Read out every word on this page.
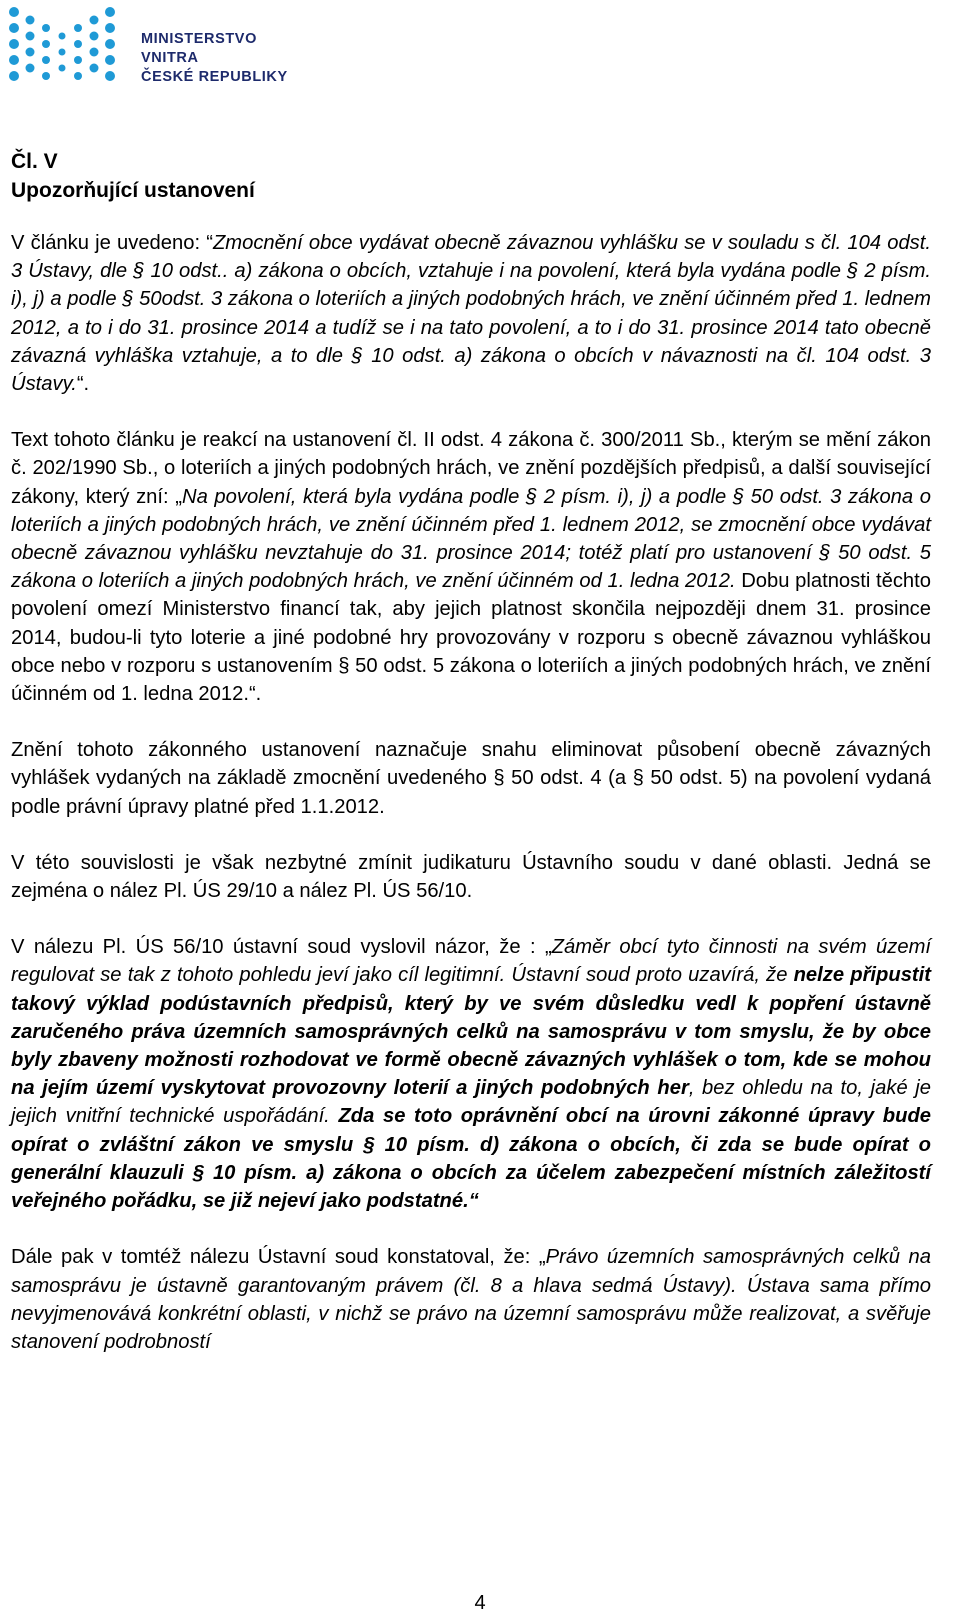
MINISTERSTVO VNITRA
ČESKÉ REPUBLIKY
Čl. V
Upozorňující ustanovení

V článku je uvedeno: “Zmocnění obce vydávat obecně závaznou vyhlášku se v souladu s čl. 104 odst. 3 Ústavy, dle § 10 odst.. a) zákona o obcích, vztahuje i na povolení, která byla vydána podle § 2 písm. i), j) a podle § 50odst. 3 zákona o loteriích a jiných podobných hrách, ve znění účinném před 1. lednem 2012, a to i do 31. prosince 2014 a tudíž se i na tato povolení, a to i do 31. prosince 2014 tato obecně závazná vyhláška vztahuje, a to dle § 10 odst. a) zákona o obcích v návaznosti na čl. 104 odst. 3 Ústavy.“.

Text tohoto článku je reakcí na ustanovení čl. II odst. 4 zákona č. 300/2011 Sb., kterým se mění zákon č. 202/1990 Sb., o loteriích a jiných podobných hrách, ve znění pozdějších předpisů, a další související zákony, který zní: „Na povolení, která byla vydána podle § 2 písm. i), j) a podle § 50 odst. 3 zákona o loteriích a jiných podobných hrách, ve znění účinném před 1. lednem 2012, se zmocnění obce vydávat obecně závaznou vyhlášku nevztahuje do 31. prosince 2014; totéž platí pro ustanovení § 50 odst. 5 zákona o loteriích a jiných podobných hrách, ve znění účinném od 1. ledna 2012. Dobu platnosti těchto povolení omezí Ministerstvo financí tak, aby jejich platnost skončila nejpozději dnem 31. prosince 2014, budou-li tyto loterie a jiné podobné hry provozovány v rozporu s obecně závaznou vyhláškou obce nebo v rozporu s ustanovením § 50 odst. 5 zákona o loteriích a jiných podobných hrách, ve znění účinném od 1. ledna 2012.“.

Znění tohoto zákonného ustanovení naznačuje snahu eliminovat působení obecně závazných vyhlášek vydaných na základě zmocnění uvedeného § 50 odst. 4 (a § 50 odst. 5) na povolení vydaná podle právní úpravy platné před 1.1.2012.

V této souvislosti je však nezbytné zmínit judikaturu Ústavního soudu v dané oblasti. Jedná se zejména o nález Pl. ÚS 29/10 a nález Pl. ÚS 56/10.

V nálezu Pl. ÚS 56/10 ústavní soud vyslovil názor, že : „Záměr obcí tyto činnosti na svém území regulovat se tak z tohoto pohledu jeví jako cíl legitimní. Ústavní soud proto uzavírá, že nelze připustit takový výklad podústavních předpisů, který by ve svém důsledku vedl k popření ústavně zaručeného práva územních samosprávných celků na samosprávu v tom smyslu, že by obce byly zbaveny možnosti rozhodovat ve formě obecně závazných vyhlášek o tom, kde se mohou na jejím území vyskytovat provozovny loterií a jiných podobných her, bez ohledu na to, jaké je jejich vnitřní technické uspořádání. Zda se toto oprávnění obcí na úrovni zákonné úpravy bude opírat o zvláštní zákon ve smyslu § 10 písm. d) zákona o obcích, či zda se bude opírat o generální klauzuli § 10 písm. a) zákona o obcích za účelem zabezpečení místních záležitostí veřejného pořádku, se již nejeví jako podstatné.“

Dále pak v tomtéž nálezu Ústavní soud konstatoval, že: „Právo územních samosprávných celků na samosprávu je ústavně garantovaným právem (čl. 8 a hlava sedmá Ústavy). Ústava sama přímo nevyjmenovává konkrétní oblasti, v nichž se právo na územní samosprávu může realizovat, a svěřuje stanovení podrobností

4
